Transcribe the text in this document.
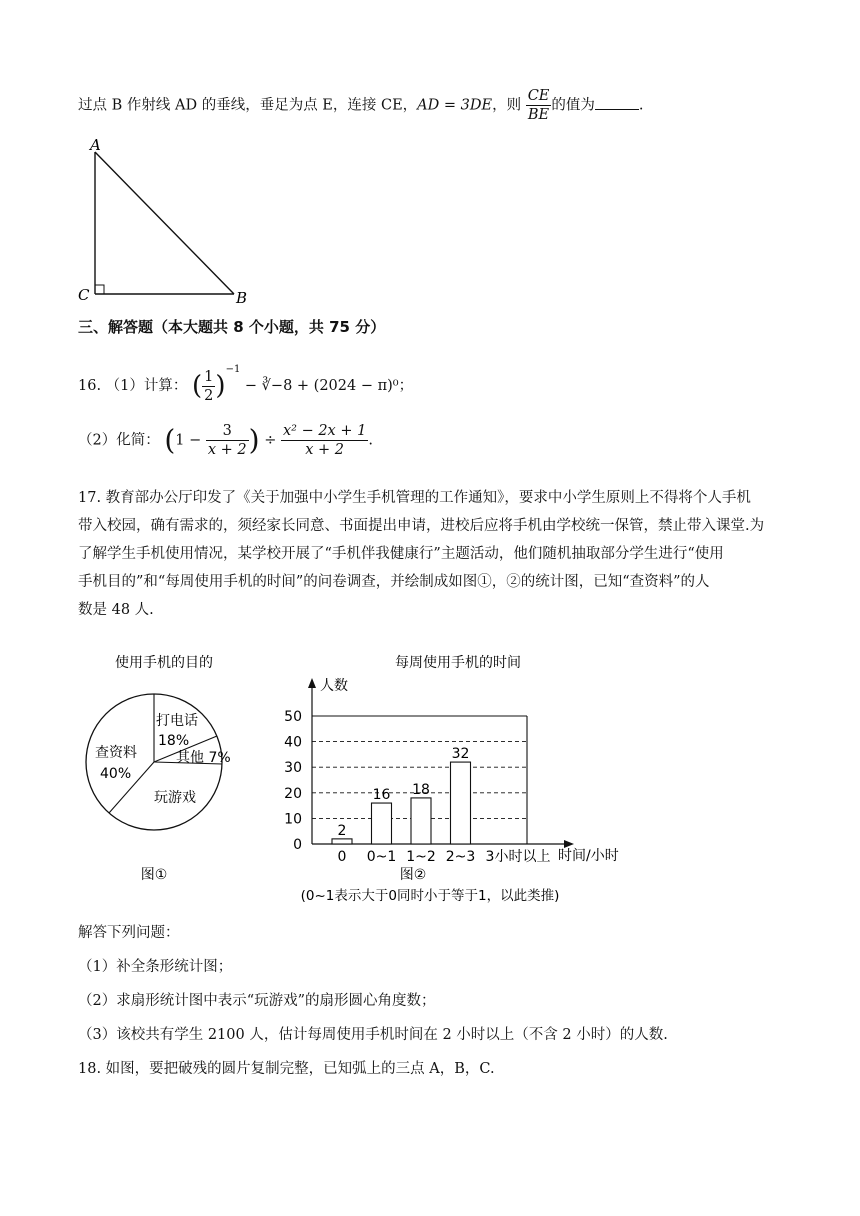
过点 B 作射线 AD 的垂线，垂足为点 E，连接 CE，AD = 3DE，则 $\frac{CE}{BE}$ 的值为	.
A
C	B
三、解答题（本大题共 8 个小题，共 75 分）
16. （1）计算： ( $\frac{1}{2} )^{-1}$ − ∛−8 + (2024 − π)⁰；
（2）化简： ($1 - \frac{3}{x + 2}$ ) ÷ $\frac{\text{x² − 2x + 1}}{x + 2}$ .
17. 教育部办公厅印发了《关于加强中小学生手机管理的工作通知》，要求中小学生原则上不得将个人手机
带入校园，确有需求的，须经家长同意、书面提出申请，进校后应将手机由学校统一保管，禁止带入课堂.为
了解学生手机使用情况，某学校开展了“手机伴我健康行”主题活动，他们随机抽取部分学生进行“使用
手机目的”和“每周使用手机的时间”的问卷调查，并绘制成如图①，②的统计图，已知“查资料”的人
数是 48 人.
使用手机的目的
打电话
18%
其他 7%
查资料
40%
玩游戏
图①
每周使用手机的时间
人数
时间/小时
0
10
20
30
40
50
2
16 18
32
0 0~1 1~2 2~3 3小时以上
图②
(0~1表示大于0同时小于等于1，以此类推)
解答下列问题：
（1）补全条形统计图；
（2）求扇形统计图中表示“玩游戏”的扇形圆心角度数；
（3）该校共有学生 2100 人，估计每周使用手机时间在 2 小时以上（不含 2 小时）的人数.
18. 如图，要把破残的圆片复制完整，已知弧上的三点 A，B，C.
